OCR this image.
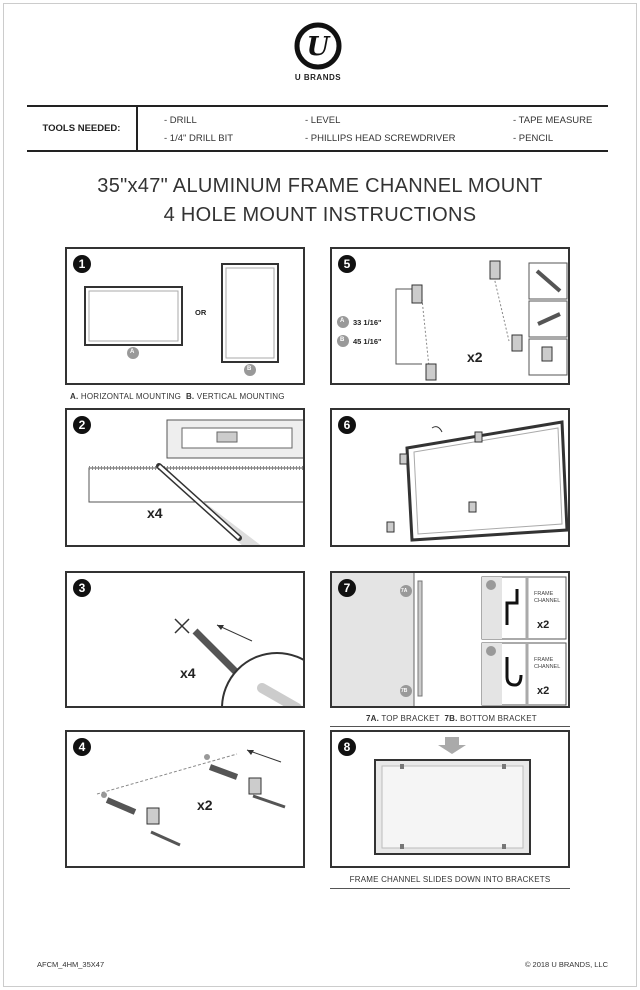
U
U BRANDS
TOOLS NEEDED:
- DRILL
- 1/4" DRILL BIT
- LEVEL
- PHILLIPS HEAD SCREWDRIVER
- TAPE MEASURE
- PENCIL
35"x47" ALUMINUM FRAME CHANNEL MOUNT
4 HOLE MOUNT INSTRUCTIONS
1
OR
A
B
A. HORIZONTAL MOUNTING B. VERTICAL MOUNTING
5
A 33 1/16"
B 45 1/16"
x2
2
x4
6
3
x4
7	7A
7B
FRAME CHANNEL
FRAME CHANNEL
x2
x2
7A. TOP BRACKET 7B. BOTTOM BRACKET
4
x2
8
FRAME CHANNEL SLIDES DOWN INTO BRACKETS
AFCM_4HM_35X47	© 2018 U BRANDS, LLC
